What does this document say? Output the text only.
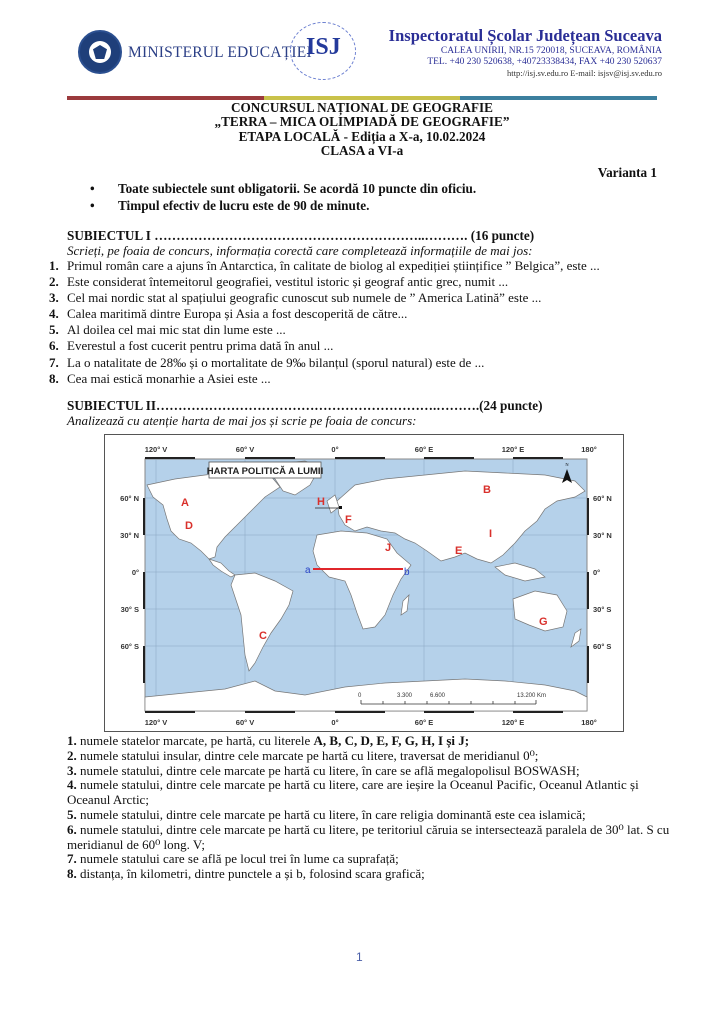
MINISTERUL EDUCAȚIEI
ISJ	Inspectoratul Școlar Județean Suceava
CALEA UNIRII, NR.15 720018, SUCEAVA, ROMÂNIA
TEL. +40 230 520638, +40723338434, FAX +40 230 520637
http://isj.sv.edu.ro E-mail: isjsv@isj.sv.edu.ro
CONCURSUL NAȚIONAL DE GEOGRAFIE
„TERRA – MICA OLIMPIADĂ DE GEOGRAFIE”
ETAPA LOCALĂ - Ediția a X-a, 10.02.2024
CLASA a VI-a
Varianta 1
• Toate subiectele sunt obligatorii. Se acordă 10 puncte din oficiu.
• Timpul efectiv de lucru este de 90 de minute.
SUBIECTUL I ……………………………………………………..………. (16 puncte)
Scrieți, pe foaia de concurs, informația corectă care completează informațiile de mai jos:
1. Primul român care a ajuns în Antarctica, în calitate de biolog al expediției științifice ” Belgica”, este ...
2. Este considerat întemeitorul geografiei, vestitul istoric și geograf antic grec, numit ...
3. Cel mai nordic stat al spațiului geografic cunoscut sub numele de ” America Latină” este ...
4. Calea maritimă dintre Europa și Asia a fost descoperită de către...
5. Al doilea cel mai mic stat din lume este ...
6. Everestul a fost cucerit pentru prima dată în anul ...
7. La o natalitate de 28‰ și o mortalitate de 9‰ bilanțul (sporul natural) este de ...
8. Cea mai estică monarhie a Asiei este ...
SUBIECTUL II……………………………………………………….……….(24 puncte)
Analizează cu atenție harta de mai jos și scrie pe foaia de concurs:
HARTA POLITICĂ A LUMII
N
A
B
C
D
E
F
G
H
I
J
a	b
0	3.300	6.600	13.200 Km
120° V	60° V	0°	60° E	120° E	180°
120° V	60° V	0°	60° E	120° E	180°
60° N
30° N
0°
30° S
60° S
60° N
30° N
0°
30° S
60° S
1. numele statelor marcate, pe hartă, cu literele A, B, C, D, E, F, G, H, I și J;
2. numele statului insular, dintre cele marcate pe hartă cu litere, traversat de meridianul 0⁰;
3. numele statului, dintre cele marcate pe hartă cu litere, în care se află megalopolisul BOSWASH;
4. numele statului, dintre cele marcate pe hartă cu litere, care are ieșire la Oceanul Pacific, Oceanul Atlantic și Oceanul Arctic;
5. numele statului, dintre cele marcate pe hartă cu litere, în care religia dominantă este cea islamică;
6. numele statului, dintre cele marcate pe hartă cu litere, pe teritoriul căruia se intersectează paralela de 30⁰ lat. S cu meridianul de 60⁰ long. V;
7. numele statului care se află pe locul trei în lume ca suprafață;
8. distanța, în kilometri, dintre punctele a și b, folosind scara grafică;
1
